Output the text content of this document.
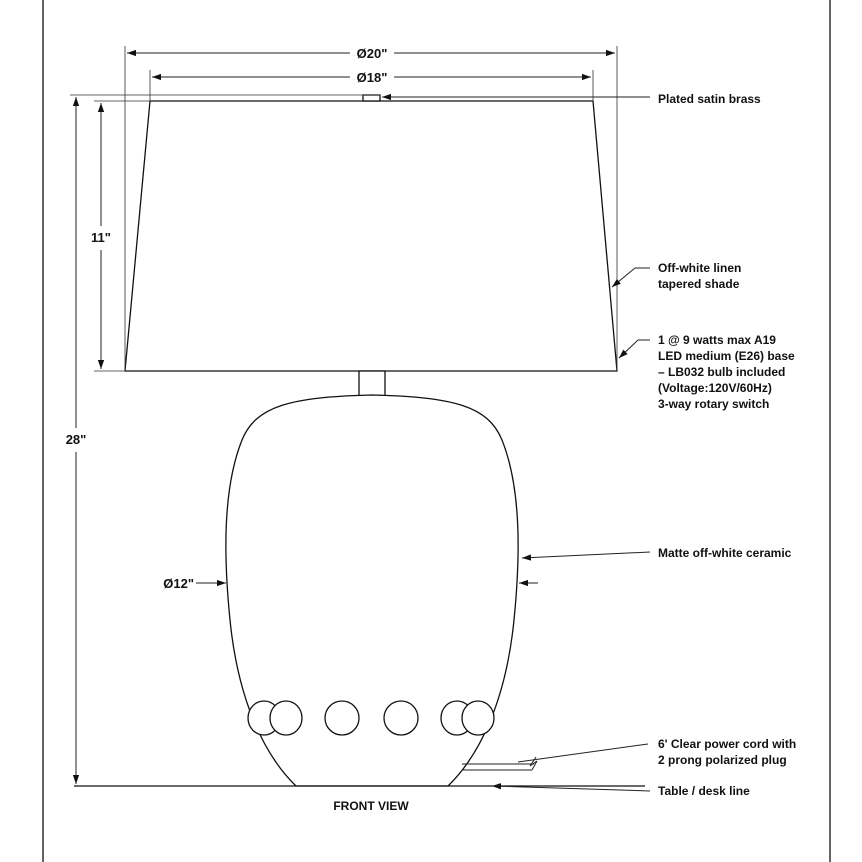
Ø20"
Ø18"
11"
28"
Ø12"
Plated satin brass
Off-white linen
tapered shade
1 @ 9 watts max A19
LED medium (E26) base
– LB032 bulb included
(Voltage:120V/60Hz)
3-way rotary switch
Matte off-white ceramic
6' Clear power cord with
2 prong polarized plug
Table / desk line
FRONT VIEW
